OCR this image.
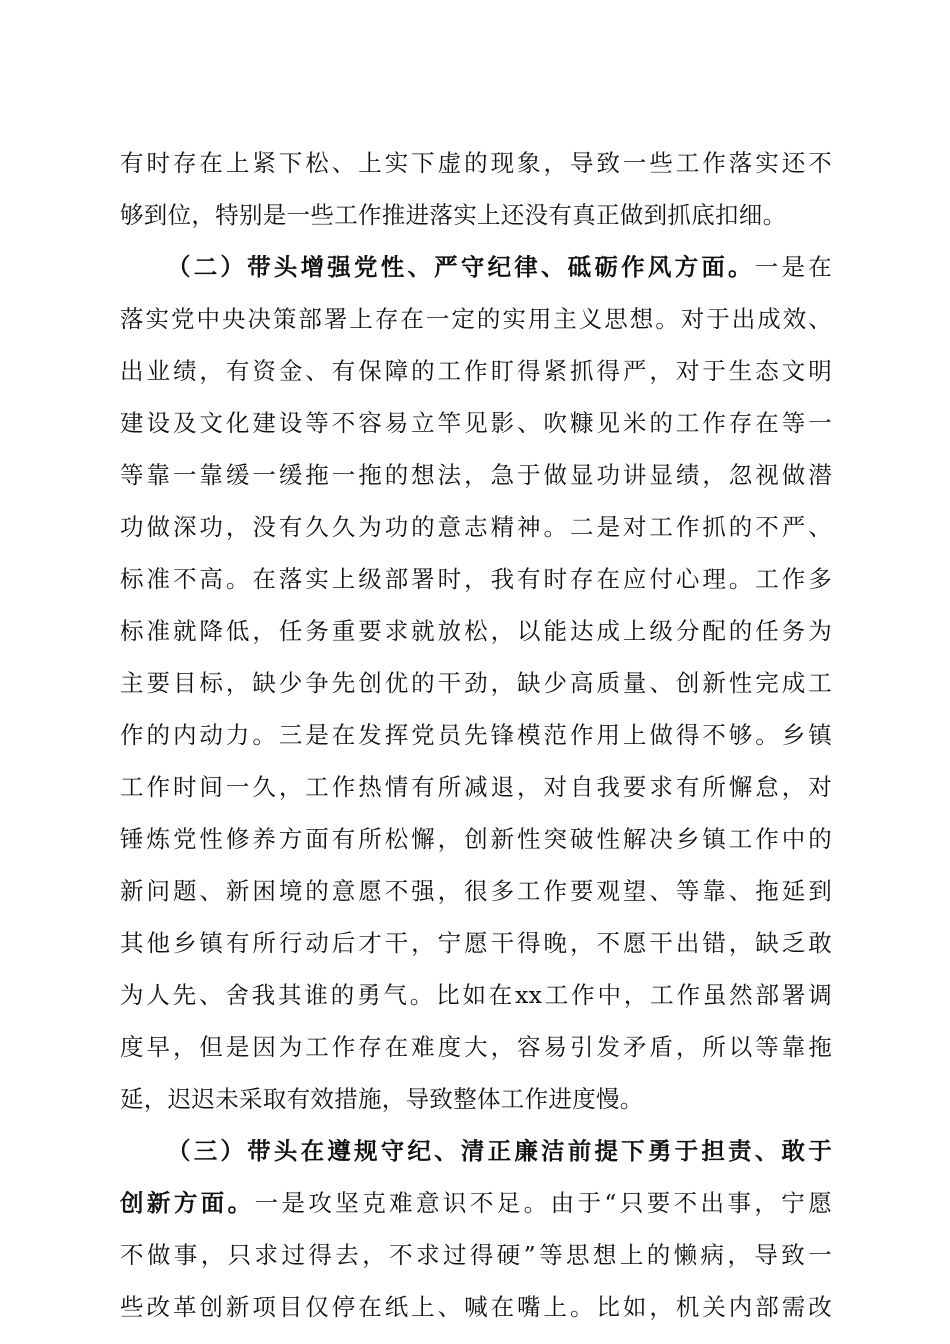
有时存在上紧下松、上实下虚的现象，导致一些工作落实还不
够到位，特别是一些工作推进落实上还没有真正做到抓底扣细。
（二）带头增强党性、严守纪律、砥砺作风方面。一是在
落实党中央决策部署上存在一定的实用主义思想。对于出成效、
出业绩，有资金、有保障的工作盯得紧抓得严，对于生态文明
建设及文化建设等不容易立竿见影、吹糠见米的工作存在等一
等靠一靠缓一缓拖一拖的想法，急于做显功讲显绩，忽视做潜
功做深功，没有久久为功的意志精神。二是对工作抓的不严、
标准不高。在落实上级部署时，我有时存在应付心理。工作多
标准就降低，任务重要求就放松，以能达成上级分配的任务为
主要目标，缺少争先创优的干劲，缺少高质量、创新性完成工
作的内动力。三是在发挥党员先锋模范作用上做得不够。乡镇
工作时间一久，工作热情有所减退，对自我要求有所懈怠，对
锤炼党性修养方面有所松懈，创新性突破性解决乡镇工作中的
新问题、新困境的意愿不强，很多工作要观望、等靠、拖延到
其他乡镇有所行动后才干，宁愿干得晚，不愿干出错，缺乏敢
为人先、舍我其谁的勇气。比如在xx工作中，工作虽然部署调
度早，但是因为工作存在难度大，容易引发矛盾，所以等靠拖
延，迟迟未采取有效措施，导致整体工作进度慢。
（三）带头在遵规守纪、清正廉洁前提下勇于担责、敢于
创新方面。一是攻坚克难意识不足。由于“只要不出事，宁愿
不做事，只求过得去，不求过得硬”等思想上的懒病，导致一
些改革创新项目仅停在纸上、喊在嘴上。比如，机关内部需改
